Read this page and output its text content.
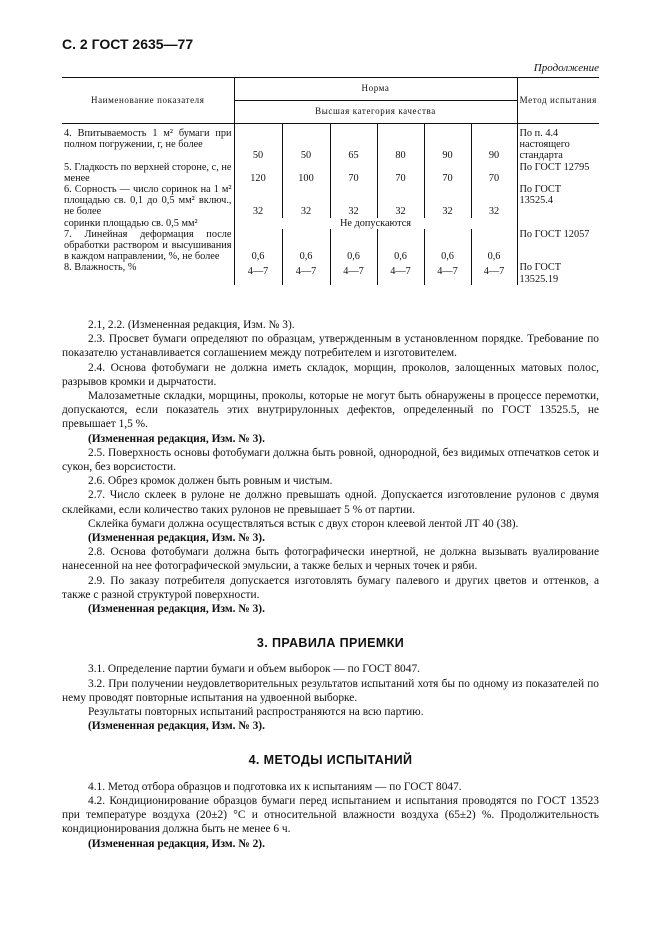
С. 2 ГОСТ 2635—77
Продолжение
Наименование показателя	Норма						Метод испытания
	Высшая категория качества						
4. Впитываемость 1 м² бумаги при полном погружении, г, не более	50	50	65	80	90	90	По п. 4.4 настоящего стандарта
5. Гладкость по верхней стороне, с, не менее	120	100	70	70	70	70	По ГОСТ 12795
6. Сорность — число соринок на 1 м² площадью св. 0,1 до 0,5 мм² включ., не более	32	32	32	32	32	32	По ГОСТ 13525.4
соринки площадью св. 0,5 мм²	Не допускаются						
7. Линейная деформация после обработки раствором и высушивания в каждом направлении, %, не более	0,6	0,6	0,6	0,6	0,6	0,6	По ГОСТ 12057
8. Влажность, %	4—7	4—7	4—7	4—7	4—7	4—7	По ГОСТ 13525.19

2.1, 2.2. (Измененная редакция, Изм. № 3).

2.3. Просвет бумаги определяют по образцам, утвержденным в установленном порядке. Требование по показателю устанавливается соглашением между потребителем и изготовителем.

2.4. Основа фотобумаги не должна иметь складок, морщин, проколов, залощенных матовых полос, разрывов кромки и дырчатости.

Малозаметные складки, морщины, проколы, которые не могут быть обнаружены в процессе перемотки, допускаются, если показатель этих внутрирулонных дефектов, определенный по ГОСТ 13525.5, не превышает 1,5 %.

(Измененная редакция, Изм. № 3).

2.5. Поверхность основы фотобумаги должна быть ровной, однородной, без видимых отпечатков сеток и сукон, без ворсистости.

2.6. Обрез кромок должен быть ровным и чистым.

2.7. Число склеек в рулоне не должно превышать одной. Допускается изготовление рулонов с двумя склейками, если количество таких рулонов не превышает 5 % от партии.

Склейка бумаги должна осуществляться встык с двух сторон клеевой лентой ЛТ 40 (38).

(Измененная редакция, Изм. № 3).

2.8. Основа фотобумаги должна быть фотографически инертной, не должна вызывать вуалирование нанесенной на нее фотографической эмульсии, а также белых и черных точек и ряби.

2.9. По заказу потребителя допускается изготовлять бумагу палевого и других цветов и оттенков, а также с разной структурой поверхности.

(Измененная редакция, Изм. № 3).

3. ПРАВИЛА ПРИЕМКИ

3.1. Определение партии бумаги и объем выборок — по ГОСТ 8047.

3.2. При получении неудовлетворительных результатов испытаний хотя бы по одному из показателей по нему проводят повторные испытания на удвоенной выборке.

Результаты повторных испытаний распространяются на всю партию.

(Измененная редакция, Изм. № 3).

4. МЕТОДЫ ИСПЫТАНИЙ

4.1. Метод отбора образцов и подготовка их к испытаниям — по ГОСТ 8047.

4.2. Кондиционирование образцов бумаги перед испытанием и испытания проводятся по ГОСТ 13523 при температуре воздуха (20±2) °С и относительной влажности воздуха (65±2) %. Продолжительность кондиционирования должна быть не менее 6 ч.

(Измененная редакция, Изм. № 2).
